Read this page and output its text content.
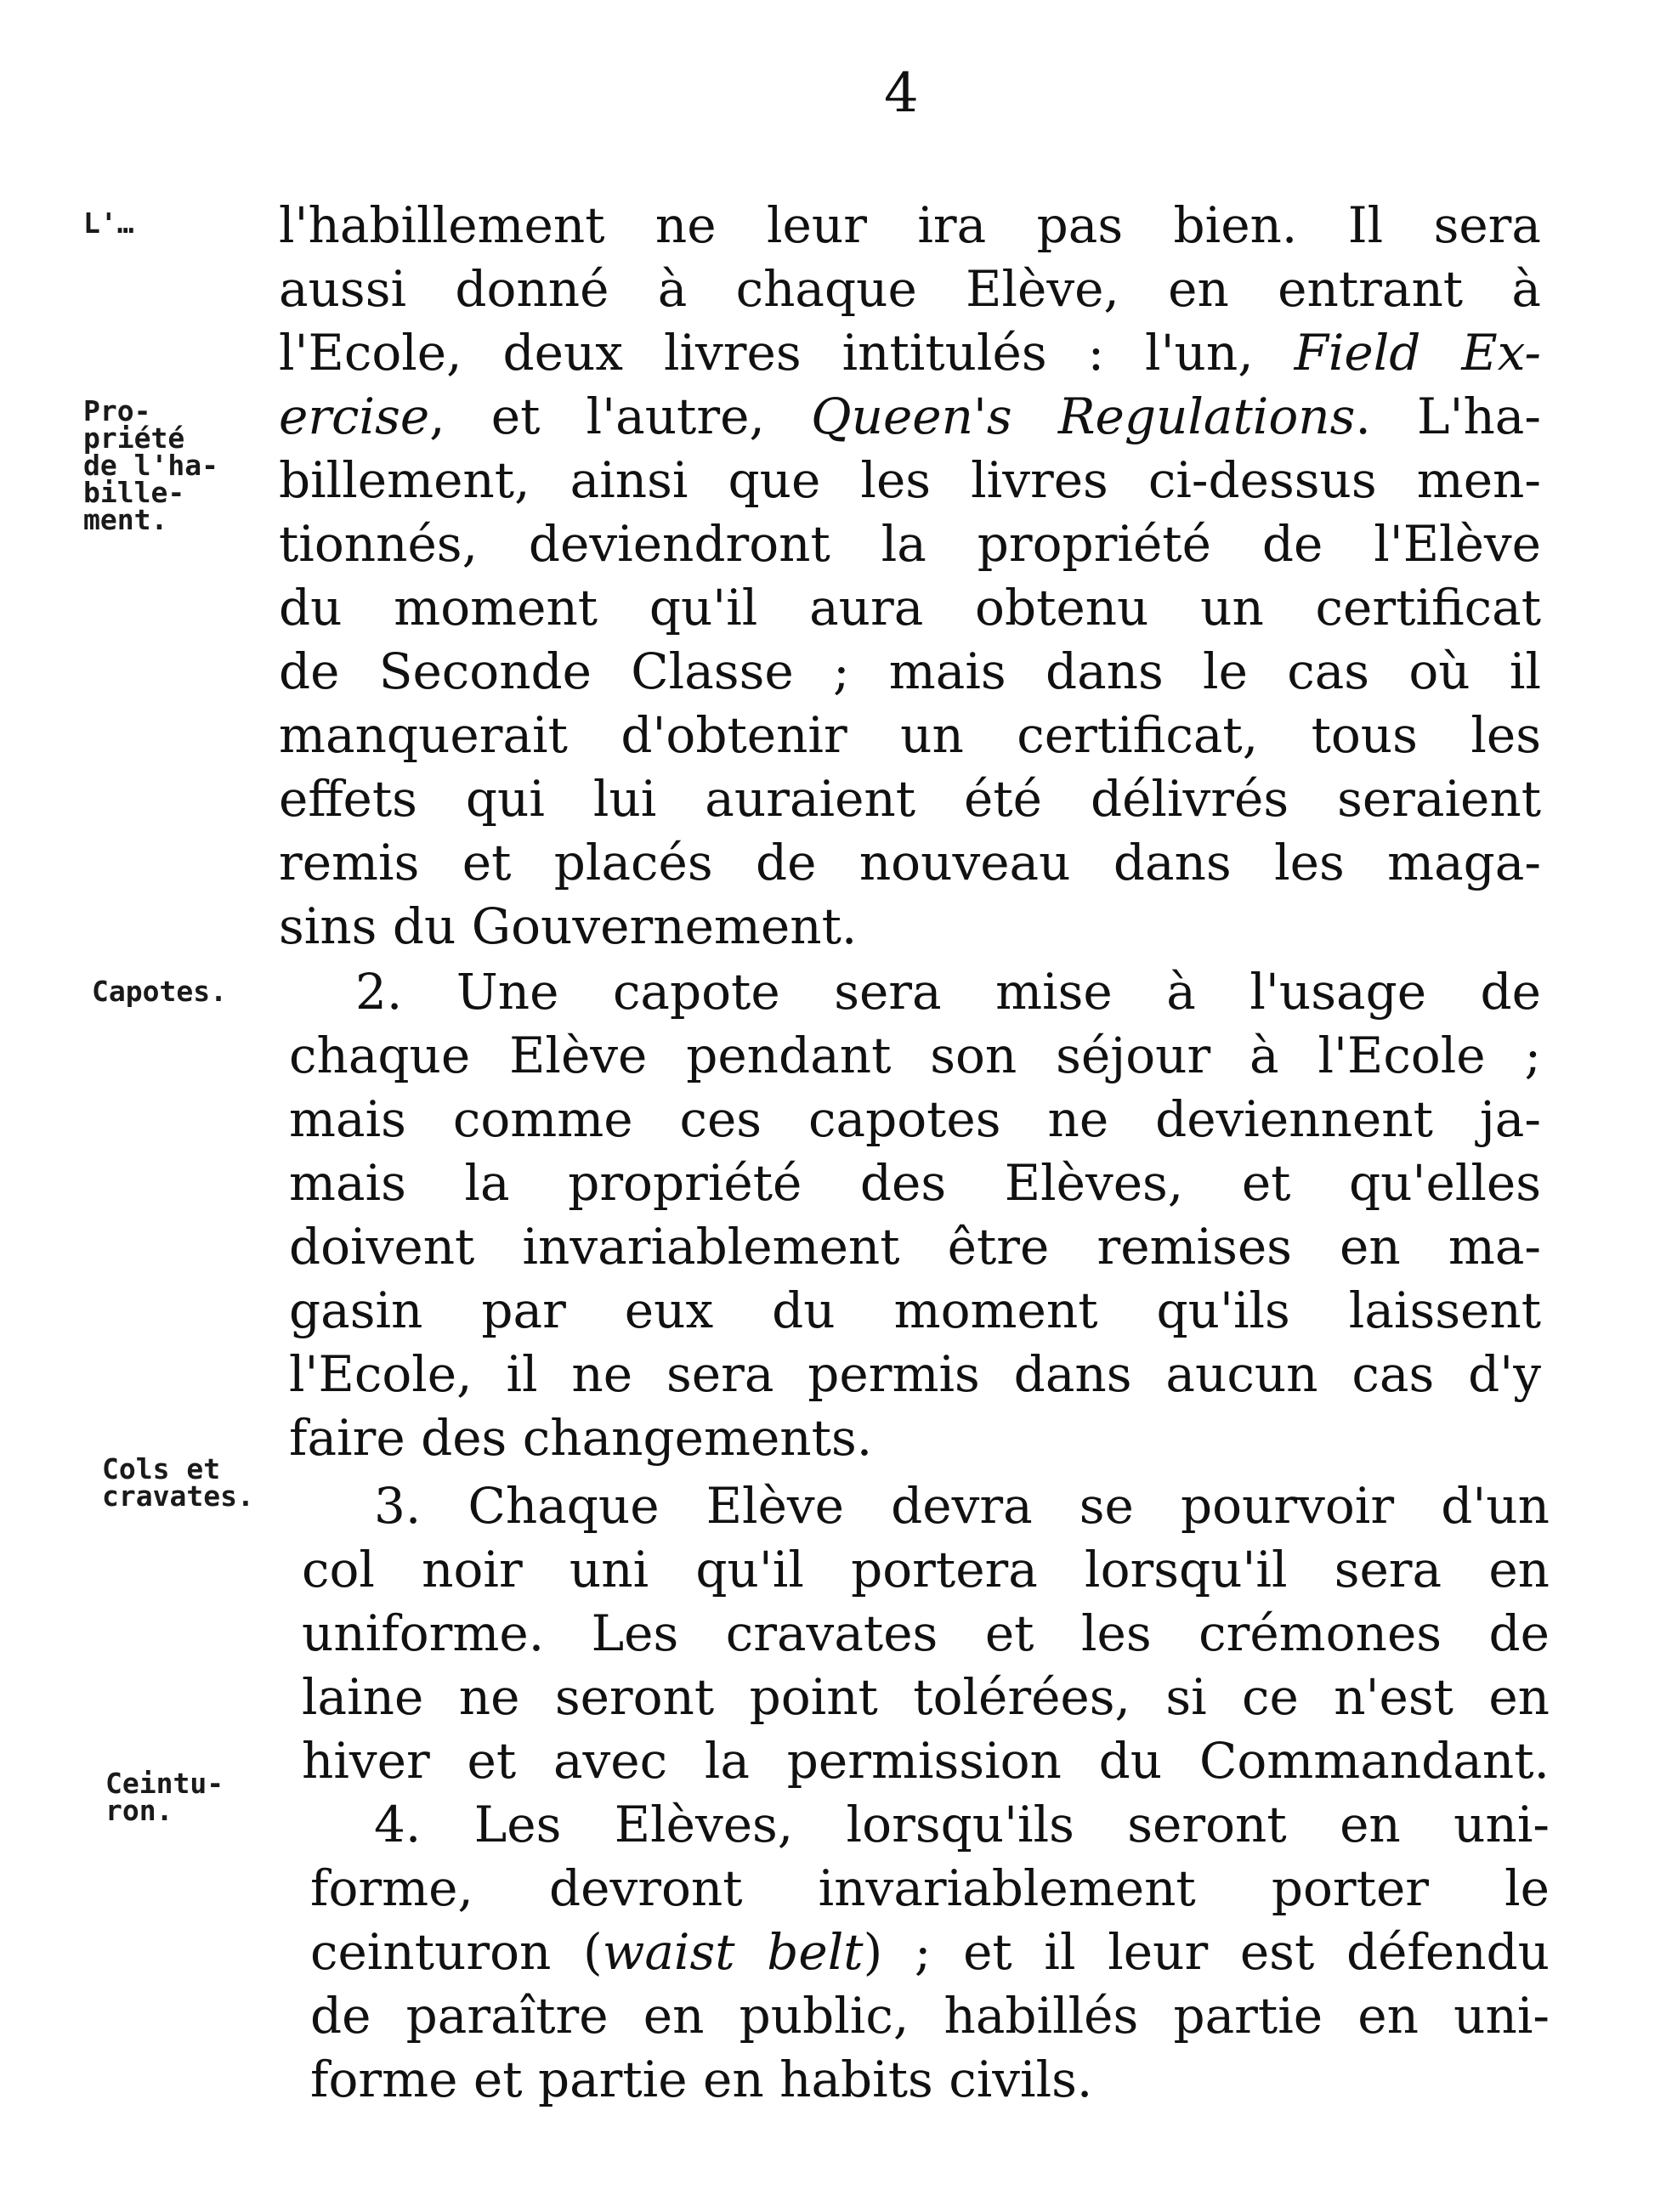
4
L'…
Pro-
priété
de l'ha-
bille-
ment.
Capotes.
Cols et
cravates.
Ceintu-
ron.
l'habillement ne leur ira pas bien. Il sera
aussi donné à chaque Elève, en entrant à
l'Ecole, deux livres intitulés : l'un, Field Ex-
ercise, et l'autre, Queen's Regulations. L'ha-
billement, ainsi que les livres ci-dessus men-
tionnés, deviendront la propriété de l'Elève
du moment qu'il aura obtenu un certificat
de Seconde Classe ; mais dans le cas où il
manquerait d'obtenir un certificat, tous les
effets qui lui auraient été délivrés seraient
remis et placés de nouveau dans les maga-
sins du Gouvernement.
2. Une capote sera mise à l'usage de
chaque Elève pendant son séjour à l'Ecole ;
mais comme ces capotes ne deviennent ja-
mais la propriété des Elèves, et qu'elles
doivent invariablement être remises en ma-
gasin par eux du moment qu'ils laissent
l'Ecole, il ne sera permis dans aucun cas d'y
faire des changements.
3. Chaque Elève devra se pourvoir d'un
col noir uni qu'il portera lorsqu'il sera en
uniforme. Les cravates et les crémones de
laine ne seront point tolérées, si ce n'est en
hiver et avec la permission du Commandant.
4. Les Elèves, lorsqu'ils seront en uni-
forme, devront invariablement porter le
ceinturon (waist belt) ; et il leur est défendu
de paraître en public, habillés partie en uni-
forme et partie en habits civils.
